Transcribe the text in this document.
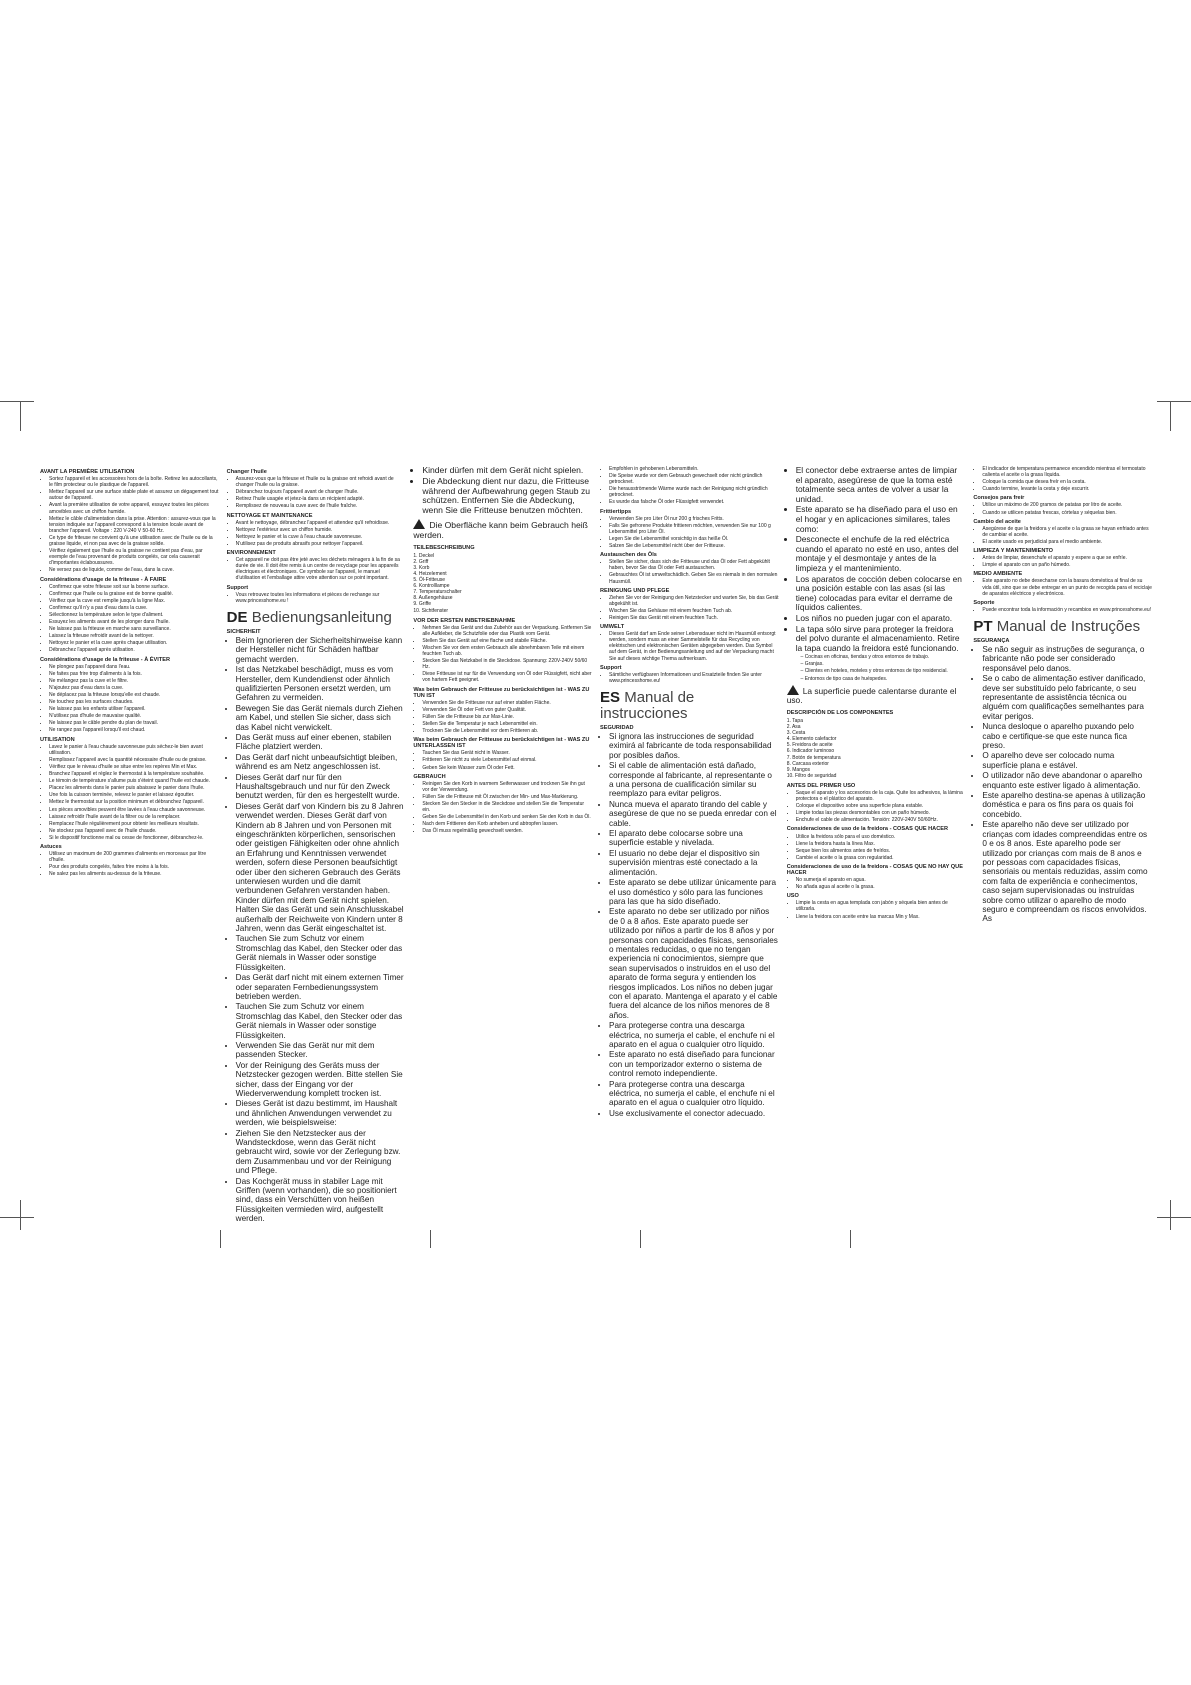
AVANT LA PREMIÈRE UTILISATION
• Sortez l'appareil et les accessoires hors de la boîte. Retirez les autocollants, le film protecteur ou le plastique de l'appareil.
• Mettez l'appareil sur une surface stable plate et assurez un dégagement tout autour de l'appareil.
• Avant la première utilisation de votre appareil, essuyez toutes les pièces amovibles avec un chiffon humide.
• Mettez le câble d'alimentation dans la prise. Attention : assurez-vous que la tension indiquée sur l'appareil correspond à la tension locale avant de brancher l'appareil. Voltage : 220 V-240 V 50-60 Hz.
• Ce type de friteuse ne convient qu'à une utilisation avec de l'huile ou de la graisse liquide, et non pas avec de la graisse solide.
• Vérifiez également que l'huile ou la graisse ne contient pas d'eau, par exemple de l'eau provenant de produits congelés, car cela causerait d'importantes éclaboussures.
• Ne versez pas de liquide, comme de l'eau, dans la cuve.
Considérations d'usage de la friteuse - À FAIRE
• Confirmez que votre friteuse soit sur la bonne surface.
• Confirmez que l'huile ou la graisse est de bonne qualité.
• Vérifiez que la cuve est remplie jusqu'à la ligne Max.
• Confirmez qu'il n'y a pas d'eau dans la cuve.
• Sélectionnez la température selon le type d'aliment.
• Essuyez les aliments avant de les plonger dans l'huile.
• Ne laissez pas la friteuse en marche sans surveillance.
• Laissez la friteuse refroidir avant de la nettoyer.
• Nettoyez le panier et la cuve après chaque utilisation.
• Débranchez l'appareil après utilisation.
Considérations d'usage de la friteuse - À ÉVITER
• Ne plongez pas l'appareil dans l'eau.
• Ne faites pas frire trop d'aliments à la fois.
• Ne mélangez pas la cuve et le filtre.
• N'ajoutez pas d'eau dans la cuve.
• Ne déplacez pas la friteuse lorsqu'elle est chaude.
• Ne touchez pas les surfaces chaudes.
• Ne laissez pas les enfants utiliser l'appareil.
• N'utilisez pas d'huile de mauvaise qualité.
• Ne laissez pas le câble pendre du plan de travail.
• Ne rangez pas l'appareil lorsqu'il est chaud.
UTILISATION
• Lavez le panier à l'eau chaude savonneuse puis séchez-le bien avant utilisation.
• Remplissez l'appareil avec la quantité nécessaire d'huile ou de graisse.
• Vérifiez que le niveau d'huile se situe entre les repères Min et Max.
• Branchez l'appareil et réglez le thermostat à la température souhaitée.
• Le témoin de température s'allume puis s'éteint quand l'huile est chaude.
• Placez les aliments dans le panier puis abaissez le panier dans l'huile.
• Une fois la cuisson terminée, relevez le panier et laissez égoutter.
• Mettez le thermostat sur la position minimum et débranchez l'appareil.
• Les pièces amovibles peuvent être lavées à l'eau chaude savonneuse.
• Laissez refroidir l'huile avant de la filtrer ou de la remplacer.
• Remplacez l'huile régulièrement pour obtenir les meilleurs résultats.
• Ne stockez pas l'appareil avec de l'huile chaude.
• Si le dispositif fonctionne mal ou cesse de fonctionner, débranchez-le.
Astuces
• Utilisez un maximum de 200 grammes d'aliments en morceaux par litre d'huile.
• Pour des produits congelés, faites frire moins à la fois.
• Ne salez pas les aliments au-dessus de la friteuse.
Changer l'huile
• Assurez-vous que la friteuse et l'huile ou la graisse ont refroidi avant de changer l'huile ou la graisse.
• Débranchez toujours l'appareil avant de changer l'huile.
• Retirez l'huile usagée et jetez-la dans un récipient adapté.
• Remplissez de nouveau la cuve avec de l'huile fraîche.
NETTOYAGE ET MAINTENANCE
• Avant le nettoyage, débranchez l'appareil et attendez qu'il refroidisse.
• Nettoyez l'extérieur avec un chiffon humide.
• Nettoyez le panier et la cuve à l'eau chaude savonneuse.
• N'utilisez pas de produits abrasifs pour nettoyer l'appareil.
ENVIRONNEMENT
• Cet appareil ne doit pas être jeté avec les déchets ménagers à la fin de sa durée de vie. Il doit être remis à un centre de recyclage pour les appareils électriques et électroniques. Ce symbole sur l'appareil, le manuel d'utilisation et l'emballage attire votre attention sur ce point important.
Support
• Vous retrouvez toutes les informations et pièces de rechange sur www.princesshome.eu !
DE Bedienungsanleitung
SICHERHEIT
• Beim Ignorieren der Sicherheitshinweise kann der Hersteller nicht für Schäden haftbar gemacht werden.
• Ist das Netzkabel beschädigt, muss es vom Hersteller, dem Kundendienst oder ähnlich qualifizierten Personen ersetzt werden, um Gefahren zu vermeiden.
• Bewegen Sie das Gerät niemals durch Ziehen am Kabel, und stellen Sie sicher, dass sich das Kabel nicht verwickelt.
• Das Gerät muss auf einer ebenen, stabilen Fläche platziert werden.
• Das Gerät darf nicht unbeaufsichtigt bleiben, während es am Netz angeschlossen ist.
• Dieses Gerät darf nur für den Haushaltsgebrauch und nur für den Zweck benutzt werden, für den es hergestellt wurde.
• Dieses Gerät darf von Kindern bis zu 8 Jahren verwendet werden. Dieses Gerät darf von Kindern ab 8 Jahren und von Personen mit eingeschränkten körperlichen, sensorischen oder geistigen Fähigkeiten oder ohne ahnlich an Erfahrung und Kenntnissen verwendet werden, sofern diese Personen beaufsichtigt oder über den sicheren Gebrauch des Geräts unterwiesen wurden und die damit verbundenen Gefahren verstanden haben. Kinder dürfen mit dem Gerät nicht spielen. Halten Sie das Gerät und sein Anschlusskabel außerhalb der Reichweite von Kindern unter 8 Jahren, wenn das Gerät eingeschaltet ist.
• Tauchen Sie zum Schutz vor einem Stromschlag das Kabel, den Stecker oder das Gerät niemals in Wasser oder sonstige Flüssigkeiten.
• Das Gerät darf nicht mit einem externen Timer oder separaten Fernbedienungssystem betrieben werden.
• Tauchen Sie zum Schutz vor einem Stromschlag das Kabel, den Stecker oder das Gerät niemals in Wasser oder sonstige Flüssigkeiten.
• Verwenden Sie das Gerät nur mit dem passenden Stecker.
• Vor der Reinigung des Geräts muss der Netzstecker gezogen werden. Bitte stellen Sie sicher, dass der Eingang vor der Wiederverwendung komplett trocken ist.
• Dieses Gerät ist dazu bestimmt, im Haushalt und ähnlichen Anwendungen verwendet zu werden, wie beispielsweise:
• Ziehen Sie den Netzstecker aus der Wandsteckdose, wenn das Gerät nicht gebraucht wird, sowie vor der Zerlegung bzw. dem Zusammenbau und vor der Reinigung und Pflege.
• Das Kochgerät muss in stabiler Lage mit Griffen (wenn vorhanden), die so positioniert sind, dass ein Verschütten von heißen Flüssigkeiten vermieden wird, aufgestellt werden.
• Kinder dürfen mit dem Gerät nicht spielen.
• Die Abdeckung dient nur dazu, die Fritteuse während der Aufbewahrung gegen Staub zu schützen. Entfernen Sie die Abdeckung, wenn Sie die Fritteuse benutzen möchten.

Die Oberfläche kann beim Gebrauch heiß werden.

TEILEBESCHREIBUNG
1. Deckel
2. Griff
3. Korb
4. Heizelement
5. Öl-Fritteuse
6. Kontrolllampe
7. Temperaturschalter
8. Außengehäuse
9. Griffe
10. Sichtfenster
VOR DER ERSTEN INBETRIEBNAHME
• Nehmen Sie das Gerät und das Zubehör aus der Verpackung. Entfernen Sie alle Aufkleber, die Schutzfolie oder das Plastik vom Gerät.
• Stellen Sie das Gerät auf eine flache und stabile Fläche.
• Wischen Sie vor dem ersten Gebrauch alle abnehmbaren Teile mit einem feuchten Tuch ab.
• Stecken Sie das Netzkabel in die Steckdose. Spannung: 220V-240V 50/60 Hz.
• Diese Fritteuse ist nur für die Verwendung von Öl oder Flüssigfett, nicht aber von hartem Fett geeignet.
Was beim Gebrauch der Fritteuse zu berücksichtigen ist - WAS ZU TUN IST
• Verwenden Sie die Fritteuse nur auf einer stabilen Fläche.
• Verwenden Sie Öl oder Fett von guter Qualität.
• Füllen Sie die Fritteuse bis zur Max-Linie.
• Stellen Sie die Temperatur je nach Lebensmittel ein.
• Trocknen Sie die Lebensmittel vor dem Frittieren ab.
Was beim Gebrauch der Fritteuse zu berücksichtigen ist - WAS ZU UNTERLASSEN IST
• Tauchen Sie das Gerät nicht in Wasser.
• Frittieren Sie nicht zu viele Lebensmittel auf einmal.
• Geben Sie kein Wasser zum Öl oder Fett.
GEBRAUCH
• Reinigen Sie den Korb in warmem Seifenwasser und trocknen Sie ihn gut vor der Verwendung.
• Füllen Sie die Fritteuse mit Öl zwischen der Min- und Max-Markierung.
• Stecken Sie den Stecker in die Steckdose und stellen Sie die Temperatur ein.
• Geben Sie die Lebensmittel in den Korb und senken Sie den Korb in das Öl.
• Nach dem Frittieren den Korb anheben und abtropfen lassen.
• Das Öl muss regelmäßig gewechselt werden.
• Empfohlen in gehobenen Lebensmitteln.
• Die Speise wurde vor dem Gebrauch gewechselt oder nicht gründlich getrocknet.
• Die herausströmende Wärme wurde nach der Reinigung nicht gründlich getrocknet.
• Es wurde das falsche Öl oder Flüssigfett verwendet.
Frittiertipps
• Verwenden Sie pro Liter Öl nur 200 g frisches Fritts.
• Falls Sie gefrorene Produkte frittieren möchten, verwenden Sie nur 100 g Lebensmittel pro Liter Öl.
• Legen Sie die Lebensmittel vorsichtig in das heiße Öl.
• Salzen Sie die Lebensmittel nicht über der Fritteuse.
Austauschen des Öls
• Stellen Sie sicher, dass sich die Fritteuse und das Öl oder Fett abgekühlt haben, bevor Sie das Öl oder Fett austauschen.
• Gebrauchtes Öl ist umweltschädlich. Geben Sie es niemals in den normalen Hausmüll.
REINIGUNG UND PFLEGE
• Ziehen Sie vor der Reinigung den Netzstecker und warten Sie, bis das Gerät abgekühlt ist.
• Wischen Sie das Gehäuse mit einem feuchten Tuch ab.
• Reinigen Sie das Gerät mit einem feuchten Tuch.
UMWELT
• Dieses Gerät darf am Ende seiner Lebensdauer nicht im Hausmüll entsorgt werden, sondern muss an einer Sammelstelle für das Recycling von elektrischen und elektronischen Geräten abgegeben werden. Das Symbol auf dem Gerät, in der Bedienungsanleitung und auf der Verpackung macht Sie auf dieses wichtige Thema aufmerksam.
Support
• Sämtliche verfügbaren Informationen und Ersatzteile finden Sie unter www.princesshome.eu!
ES Manual de instrucciones
SEGURIDAD
• Si ignora las instrucciones de seguridad eximirá al fabricante de toda responsabilidad por posibles daños.
• Si el cable de alimentación está dañado, corresponde al fabricante, al representante o a una persona de cualificación similar su reemplazo para evitar peligros.
• Nunca mueva el aparato tirando del cable y asegúrese de que no se pueda enredar con el cable.
• El aparato debe colocarse sobre una superficie estable y nivelada.
• El usuario no debe dejar el dispositivo sin supervisión mientras esté conectado a la alimentación.
• Este aparato se debe utilizar únicamente para el uso doméstico y sólo para las funciones para las que ha sido diseñado.
• Este aparato no debe ser utilizado por niños de 0 a 8 años. Este aparato puede ser utilizado por niños a partir de los 8 años y por personas con capacidades físicas, sensoriales o mentales reducidas, o que no tengan experiencia ni conocimientos, siempre que sean supervisados o instruidos en el uso del aparato de forma segura y entienden los riesgos implicados. Los niños no deben jugar con el aparato. Mantenga el aparato y el cable fuera del alcance de los niños menores de 8 años.
• Para protegerse contra una descarga eléctrica, no sumerja el cable, el enchufe ni el aparato en el agua o cualquier otro líquido.
• Este aparato no está diseñado para funcionar con un temporizador externo o sistema de control remoto independiente.
• Para protegerse contra una descarga eléctrica, no sumerja el cable, el enchufe ni el aparato en el agua o cualquier otro líquido.
• Use exclusivamente el conector adecuado.
• El conector debe extraerse antes de limpiar el aparato, asegúrese de que la toma esté totalmente seca antes de volver a usar la unidad.
• Este aparato se ha diseñado para el uso en el hogar y en aplicaciones similares, tales como:
• Desconecte el enchufe de la red eléctrica cuando el aparato no esté en uso, antes del montaje y el desmontaje y antes de la limpieza y el mantenimiento.
• Los aparatos de cocción deben colocarse en una posición estable con las asas (si las tiene) colocadas para evitar el derrame de líquidos calientes.
• Los niños no pueden jugar con el aparato.
• La tapa sólo sirve para proteger la freidora del polvo durante el almacenamiento. Retire la tapa cuando la freidora esté funcionando.
– Cocinas en oficinas, tiendas y otros entornos de trabajo.
– Granjas.
– Clientes en hoteles, moteles y otros entornos de tipo residencial.
– Entornos de tipo casa de huéspedes.

La superficie puede calentarse durante el uso.

DESCRIPCIÓN DE LOS COMPONENTES
1. Tapa
2. Asa
3. Cesta
4. Elemento calefactor
5. Freidora de aceite
6. Indicador luminoso
7. Botón de temperatura
8. Carcasa exterior
9. Mangos
10. Filtro de seguridad
ANTES DEL PRIMER USO
• Saque el aparato y los accesorios de la caja. Quite los adhesivos, la lámina protectora o el plástico del aparato.
• Coloque el dispositivo sobre una superficie plana estable.
• Limpie todas las piezas desmontables con un paño húmedo.
• Enchufe el cable de alimentación. Tensión: 220V-240V 50/60Hz.
Consideraciones de uso de la freidora - COSAS QUE HACER
• Utilice la freidora sólo para el uso doméstico.
• Llene la freidora hasta la línea Max.
• Seque bien los alimentos antes de freírlos.
• Cambie el aceite o la grasa con regularidad.
Consideraciones de uso de la freidora - COSAS QUE NO HAY QUE HACER
• No sumerja el aparato en agua.
• No añada agua al aceite o la grasa.
USO
• Limpie la cesta en agua templada con jabón y séquela bien antes de utilizarla.
• Llene la freidora con aceite entre las marcas Min y Max.
• El indicador de temperatura permanece encendido mientras el termostato calienta el aceite o la grasa líquida.
• Coloque la comida que desea freír en la cesta.
• Cuando termine, levante la cesta y deje escurrir.
Consejos para freír
• Utilice un máximo de 200 gramos de patatas por litro de aceite.
• Cuando se utilicen patatas frescas, córtelas y séquelas bien.
Cambio del aceite
• Asegúrese de que la freidora y el aceite o la grasa se hayan enfriado antes de cambiar el aceite.
• El aceite usado es perjudicial para el medio ambiente.
LIMPIEZA Y MANTENIMIENTO
• Antes de limpiar, desenchufe el aparato y espere a que se enfríe.
• Limpie el aparato con un paño húmedo.
MEDIO AMBIENTE
• Este aparato no debe desecharse con la basura doméstica al final de su vida útil, sino que se debe entregar en un punto de recogida para el reciclaje de aparatos eléctricos y electrónicos.
Soporte
• Puede encontrar toda la información y recambios en www.princesshome.eu!
PT Manual de Instruções
SEGURANÇA
• Se não seguir as instruções de segurança, o fabricante não pode ser considerado responsável pelo danos.
• Se o cabo de alimentação estiver danificado, deve ser substituído pelo fabricante, o seu representante de assistência técnica ou alguém com qualificações semelhantes para evitar perigos.
• Nunca desloque o aparelho puxando pelo cabo e certifique-se que este nunca fica preso.
• O aparelho deve ser colocado numa superfície plana e estável.
• O utilizador não deve abandonar o aparelho enquanto este estiver ligado à alimentação.
• Este aparelho destina-se apenas à utilização doméstica e para os fins para os quais foi concebido.
• Este aparelho não deve ser utilizado por crianças com idades compreendidas entre os 0 e os 8 anos. Este aparelho pode ser utilizado por crianças com mais de 8 anos e por pessoas com capacidades físicas, sensoriais ou mentais reduzidas, assim como com falta de experiência e conhecimentos, caso sejam supervisionadas ou instruídas sobre como utilizar o aparelho de modo seguro e compreendam os riscos envolvidos. As
